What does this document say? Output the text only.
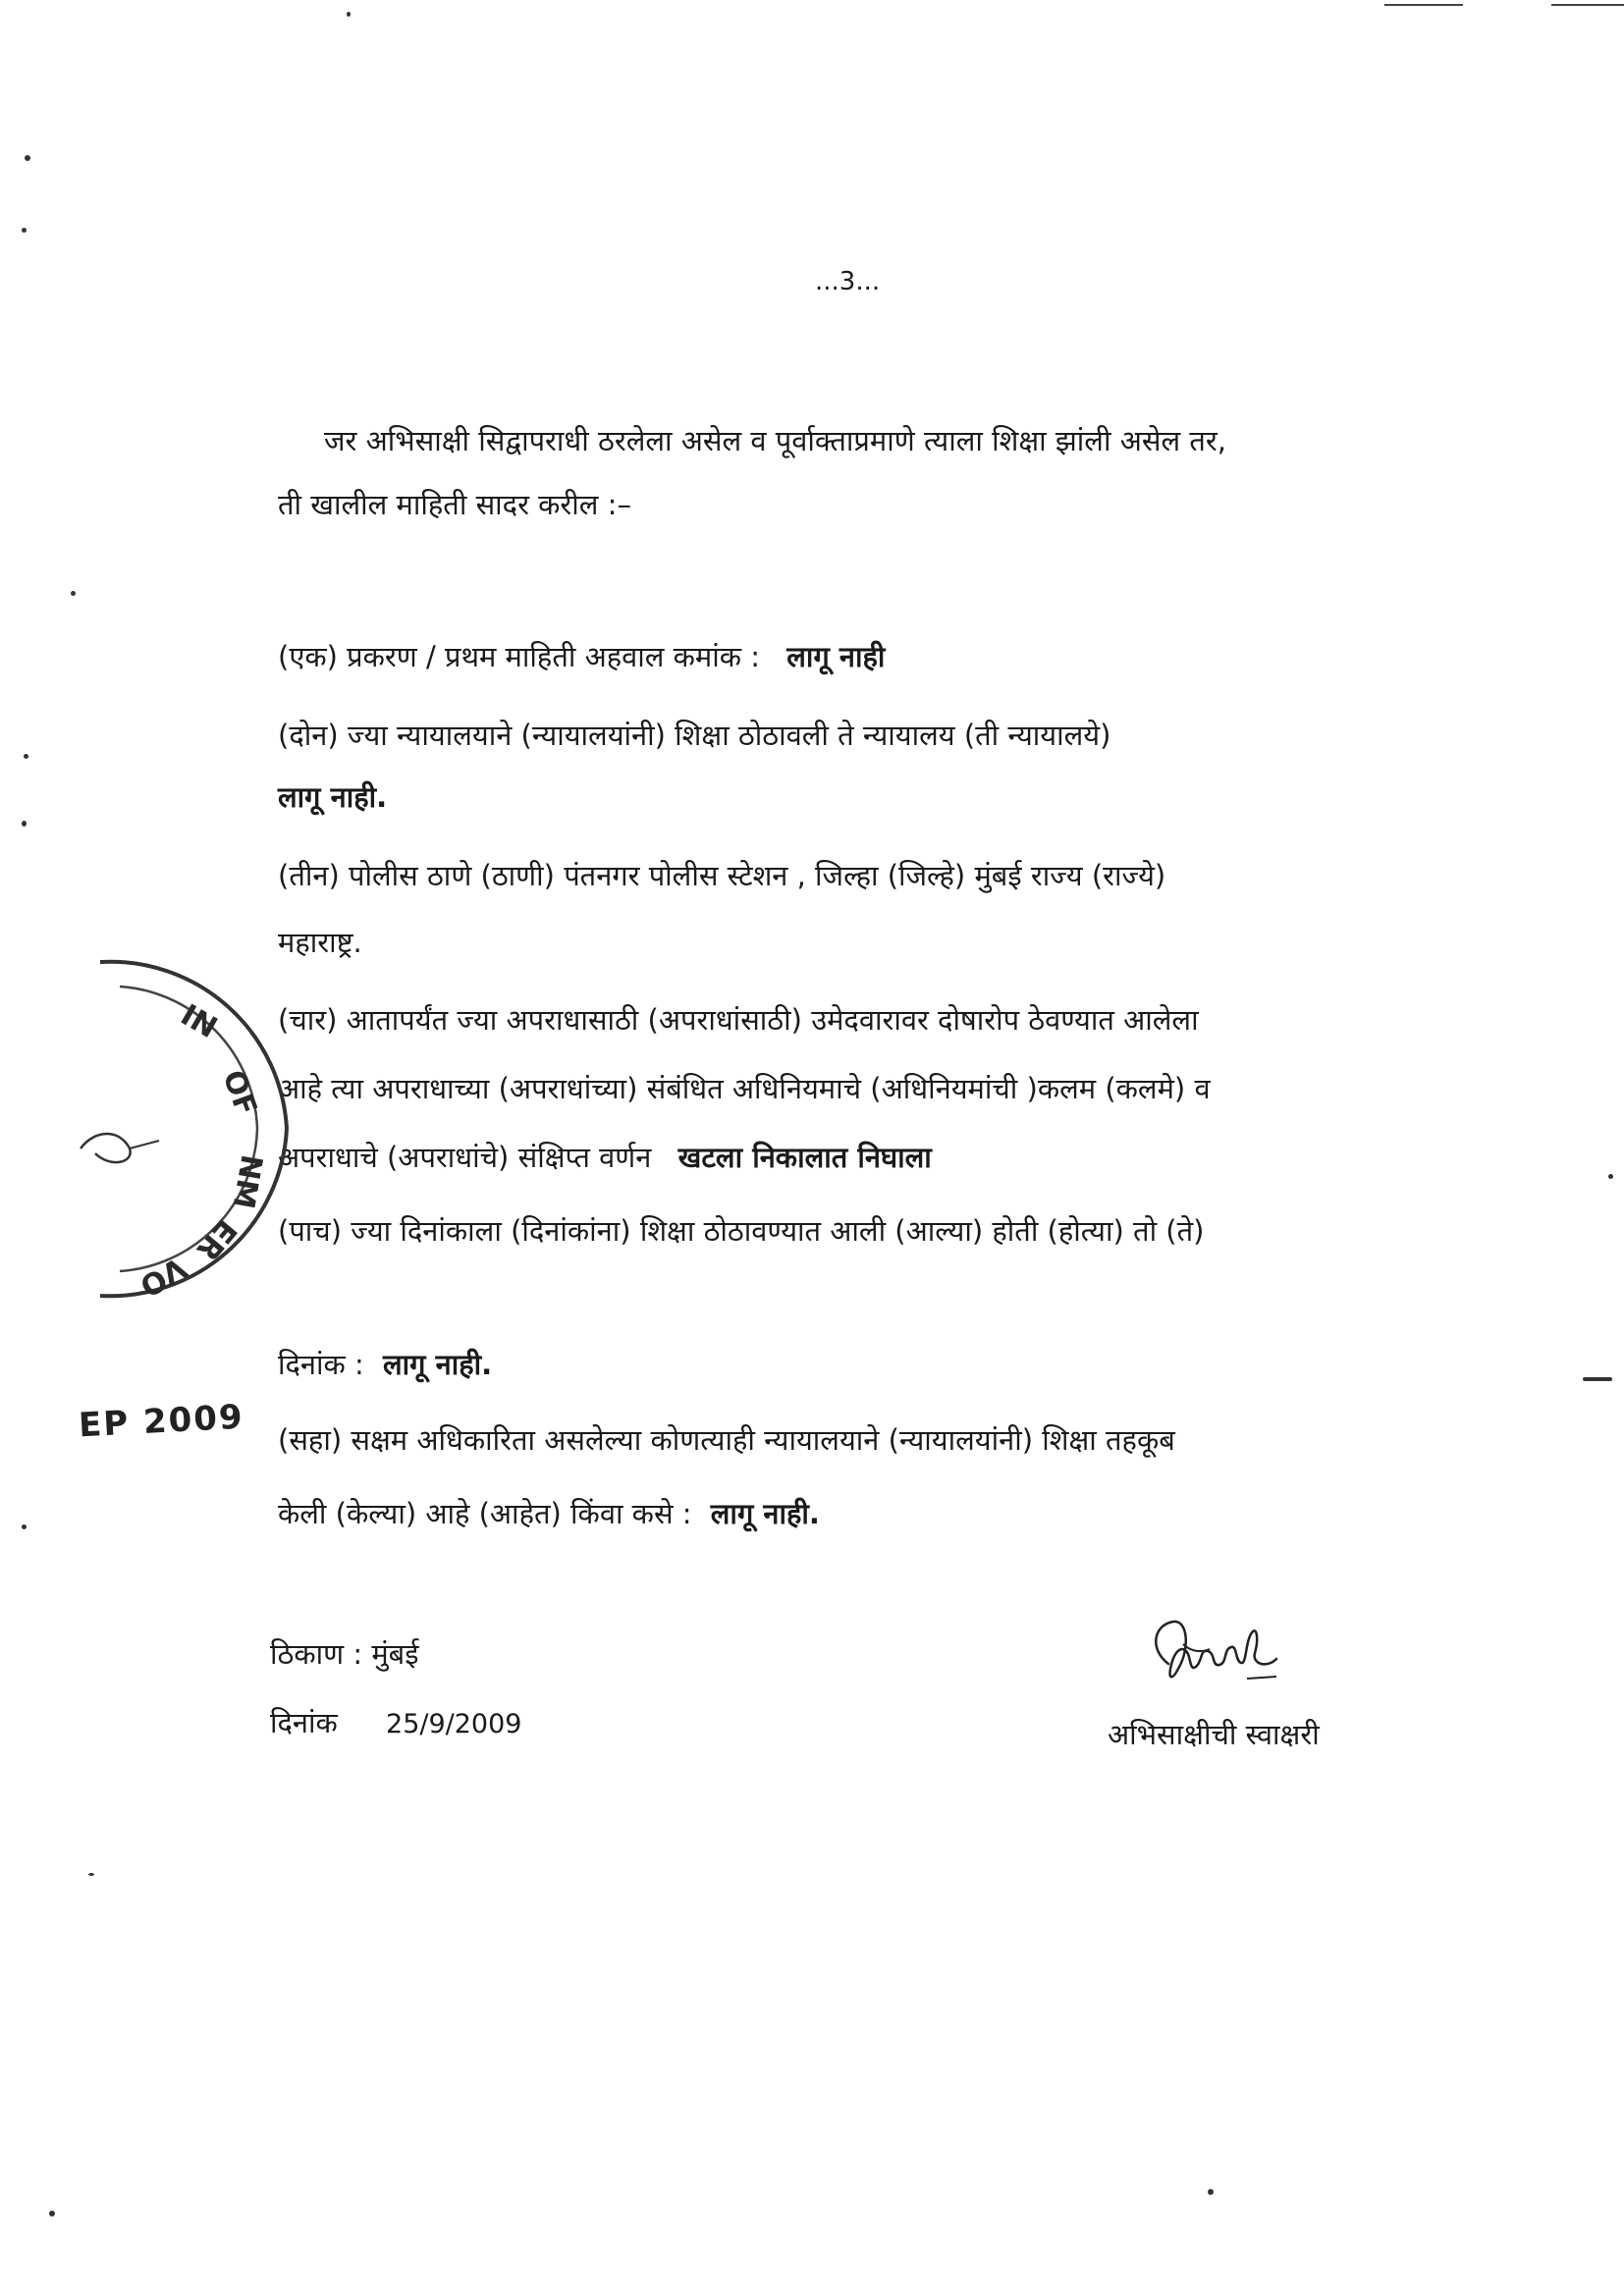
...3...
जर अभिसाक्षी सिद्वापराधी ठरलेला असेल व पूर्वाक्ताप्रमाणे त्याला शिक्षा झांली असेल तर,
ती खालील माहिती सादर करील :–
(एक) प्रकरण / प्रथम माहिती अहवाल कमांक : लागू नाही
(दोन) ज्या न्यायालयाने (न्यायालयांनी) शिक्षा ठोठावली ते न्यायालय (ती न्यायालये)
लागू नाही.
(तीन) पोलीस ठाणे (ठाणी) पंतनगर पोलीस स्टेशन , जिल्हा (जिल्हे) मुंबई राज्य (राज्ये)
महाराष्ट्र.
(चार) आतापर्यंत ज्या अपराधासाठी (अपराधांसाठी) उमेदवारावर दोषारोप ठेवण्यात आलेला
आहे त्या अपराधाच्या (अपराधांच्या) संबंधित अधिनियमाचे (अधिनियमांची )कलम (कलमे) व
अपराधाचे (अपराधांचे) संक्षिप्त वर्णन खटला निकालात निघाला
(पाच) ज्या दिनांकाला (दिनांकांना) शिक्षा ठोठावण्यात आली (आल्या) होती (होत्या) तो (ते)
दिनांक : लागू नाही.
(सहा) सक्षम अधिकारिता असलेल्या कोणत्याही न्यायालयाने (न्यायालयांनी) शिक्षा तहकूब
केली (केल्या) आहे (आहेत) किंवा कसे : लागू नाही.
ठिकाण : मुंबई
दिनांक 25/9/2009	अभिसाक्षीची स्वाक्षरी
IN
OF
NM
ER
VO
EP 2009
